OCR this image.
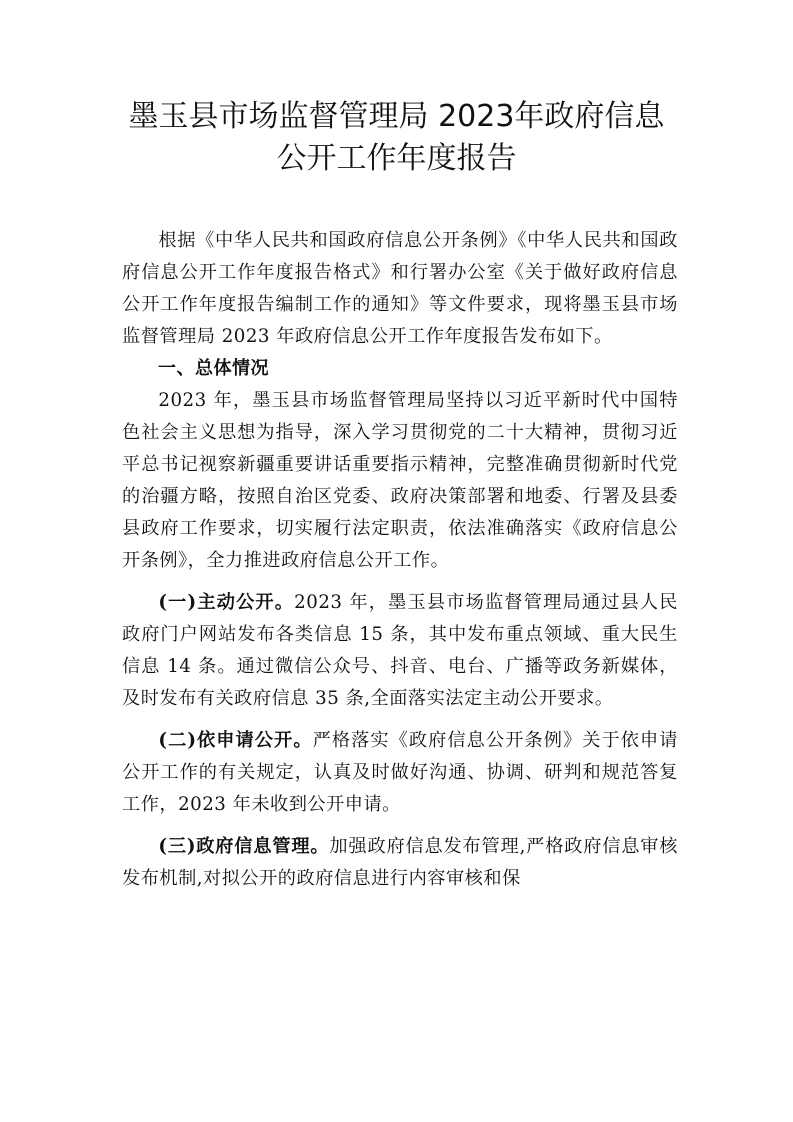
墨玉县市场监督管理局 2023年政府信息
公开工作年度报告

根据《中华人民共和国政府信息公开条例》《中华人民共和国政府信息公开工作年度报告格式》和行署办公室《关于做好政府信息公开工作年度报告编制工作的通知》等文件要求，现将墨玉县市场监督管理局 2023 年政府信息公开工作年度报告发布如下。

一、总体情况

2023 年，墨玉县市场监督管理局坚持以习近平新时代中国特色社会主义思想为指导，深入学习贯彻党的二十大精神，贯彻习近平总书记视察新疆重要讲话重要指示精神，完整准确贯彻新时代党的治疆方略，按照自治区党委、政府决策部署和地委、行署及县委县政府工作要求，切实履行法定职责，依法准确落实《政府信息公开条例》，全力推进政府信息公开工作。

(一)主动公开。2023 年，墨玉县市场监督管理局通过县人民政府门户网站发布各类信息 15 条，其中发布重点领域、重大民生信息 14 条。通过微信公众号、抖音、电台、广播等政务新媒体，及时发布有关政府信息 35 条,全面落实法定主动公开要求。

(二)依申请公开。严格落实《政府信息公开条例》关于依申请公开工作的有关规定，认真及时做好沟通、协调、研判和规范答复工作，2023 年未收到公开申请。

(三)政府信息管理。加强政府信息发布管理,严格政府信息审核发布机制,对拟公开的政府信息进行内容审核和保
